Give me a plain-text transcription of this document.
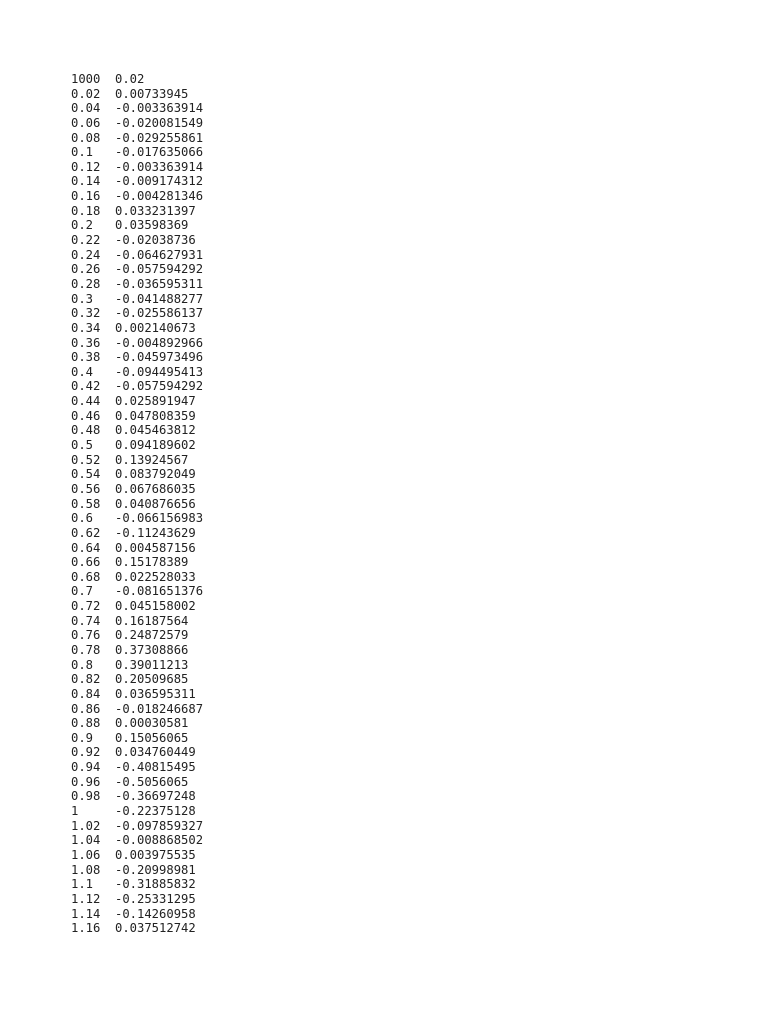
1000	0.02
0.02	0.00733945
0.04	-0.003363914
0.06	-0.020081549
0.08	-0.029255861
0.1	-0.017635066
0.12	-0.003363914
0.14	-0.009174312
0.16	-0.004281346
0.18	0.033231397
0.2	0.03598369
0.22	-0.02038736
0.24	-0.064627931
0.26	-0.057594292
0.28	-0.036595311
0.3	-0.041488277
0.32	-0.025586137
0.34	0.002140673
0.36	-0.004892966
0.38	-0.045973496
0.4	-0.094495413
0.42	-0.057594292
0.44	0.025891947
0.46	0.047808359
0.48	0.045463812
0.5	0.094189602
0.52	0.13924567
0.54	0.083792049
0.56	0.067686035
0.58	0.040876656
0.6	-0.066156983
0.62	-0.11243629
0.64	0.004587156
0.66	0.15178389
0.68	0.022528033
0.7	-0.081651376
0.72	0.045158002
0.74	0.16187564
0.76	0.24872579
0.78	0.37308866
0.8	0.39011213
0.82	0.20509685
0.84	0.036595311
0.86	-0.018246687
0.88	0.00030581
0.9	0.15056065
0.92	0.034760449
0.94	-0.40815495
0.96	-0.5056065
0.98	-0.36697248
1	-0.22375128
1.02	-0.097859327
1.04	-0.008868502
1.06	0.003975535
1.08	-0.20998981
1.1	-0.31885832
1.12	-0.25331295
1.14	-0.14260958
1.16	0.037512742
